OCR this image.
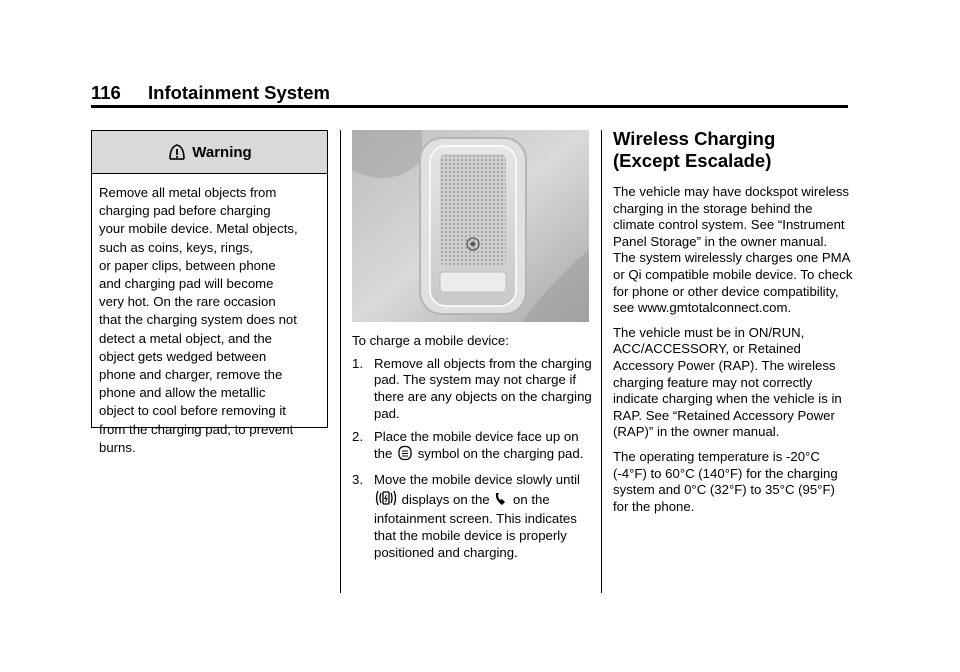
116 Infotainment System
Warning
Remove all metal objects from
charging pad before charging
your mobile device. Metal objects,
such as coins, keys, rings,
or paper clips, between phone
and charging pad will become
very hot. On the rare occasion
that the charging system does not
detect a metal object, and the
object gets wedged between
phone and charger, remove the
phone and allow the metallic
object to cool before removing it
from the charging pad, to prevent
burns.

To charge a mobile device:

1. Remove all objects from the charging pad. The system may not charge if there are any objects on the charging pad.
2. Place the mobile device face up on the symbol on the charging pad.
3. Move the mobile device slowly until  displays on the on the infotainment screen. This indicates that the mobile device is properly positioned and charging.
Wireless Charging
(Except Escalade)

The vehicle may have dockspot wireless charging in the storage behind the climate control system. See “Instrument Panel Storage” in the owner manual. The system wirelessly charges one PMA or Qi compatible mobile device. To check for phone or other device compatibility, see www.gmtotalconnect.com.

The vehicle must be in ON/RUN, ACC/ACCESSORY, or Retained Accessory Power (RAP). The wireless charging feature may not correctly indicate charging when the vehicle is in RAP. See “Retained Accessory Power (RAP)” in the owner manual.

The operating temperature is -20°C (-4°F) to 60°C (140°F) for the charging system and 0°C (32°F) to 35°C (95°F) for the phone.
